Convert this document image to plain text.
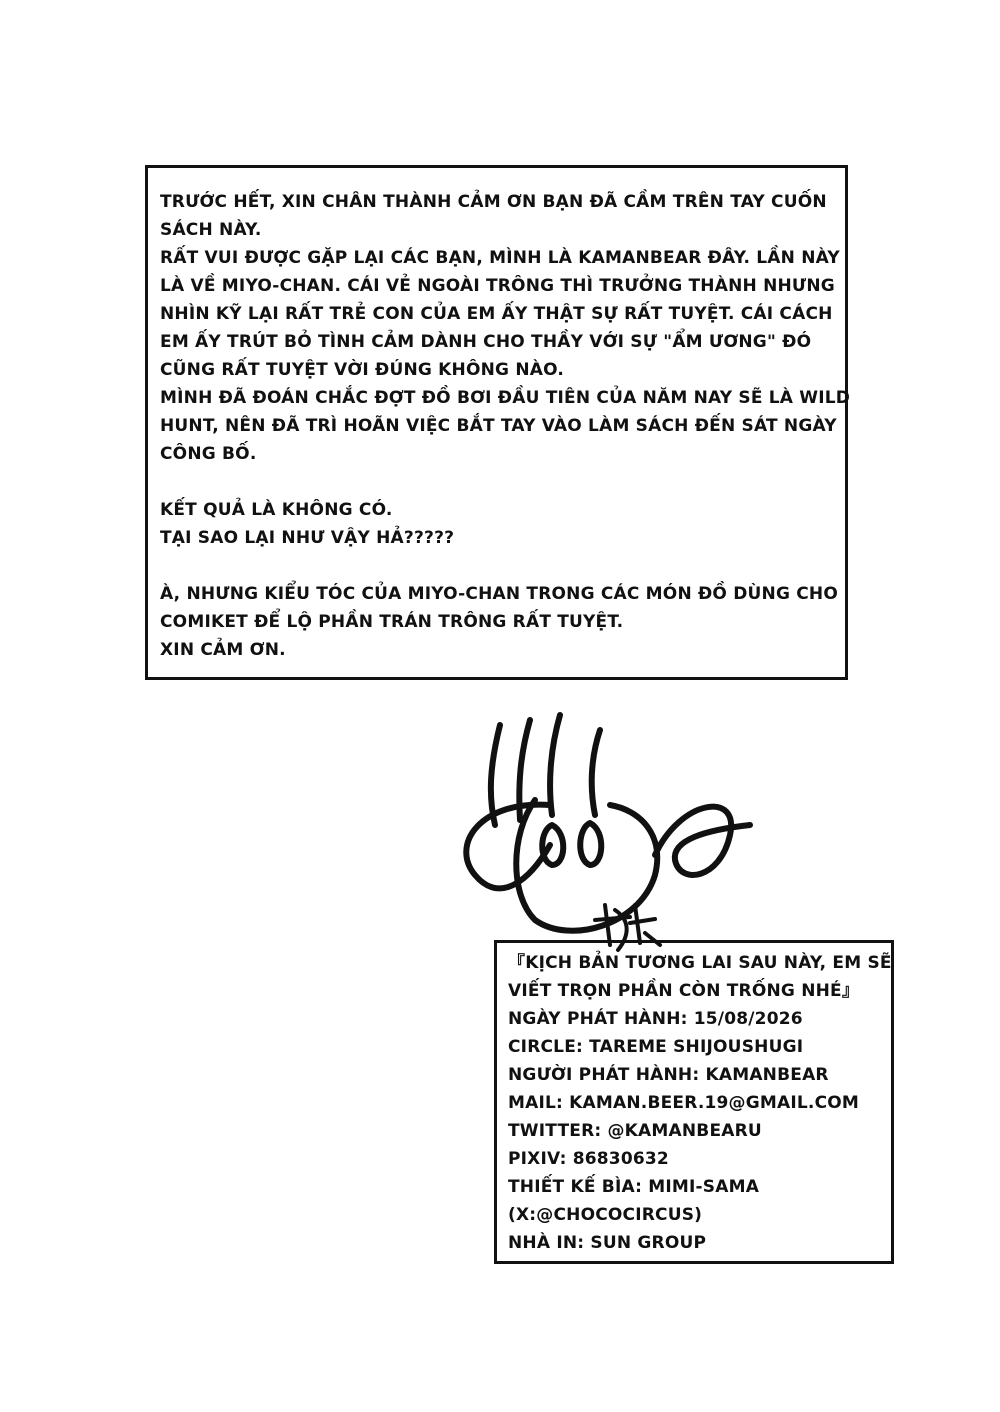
TRƯỚC HẾT, XIN CHÂN THÀNH CẢM ƠN BẠN ĐÃ CẦM TRÊN TAY CUỐN
SÁCH NÀY.
RẤT VUI ĐƯỢC GẶP LẠI CÁC BẠN, MÌNH LÀ KAMANBEAR ĐÂY. LẦN NÀY
LÀ VỀ MIYO-CHAN. CÁI VẺ NGOÀI TRÔNG THÌ TRƯỞNG THÀNH NHƯNG
NHÌN KỸ LẠI RẤT TRẺ CON CỦA EM ẤY THẬT SỰ RẤT TUYỆT. CÁI CÁCH
EM ẤY TRÚT BỎ TÌNH CẢM DÀNH CHO THẦY VỚI SỰ "ẨM ƯƠNG" ĐÓ
CŨNG RẤT TUYỆT VỜI ĐÚNG KHÔNG NÀO.
MÌNH ĐÃ ĐOÁN CHẮC ĐỢT ĐỒ BƠI ĐẦU TIÊN CỦA NĂM NAY SẼ LÀ WILD
HUNT, NÊN ĐÃ TRÌ HOÃN VIỆC BẮT TAY VÀO LÀM SÁCH ĐẾN SÁT NGÀY
CÔNG BỐ.
KẾT QUẢ LÀ KHÔNG CÓ.
TẠI SAO LẠI NHƯ VẬY HẢ?????
À, NHƯNG KIỂU TÓC CỦA MIYO-CHAN TRONG CÁC MÓN ĐỒ DÙNG CHO
COMIKET ĐỂ LỘ PHẦN TRÁN TRÔNG RẤT TUYỆT.
XIN CẢM ƠN.
『KỊCH BẢN TƯƠNG LAI SAU NÀY, EM SẼ
VIẾT TRỌN PHẦN CÒN TRỐNG NHÉ』
NGÀY PHÁT HÀNH: 15/08/2026
CIRCLE: TAREME SHIJOUSHUGI
NGƯỜI PHÁT HÀNH: KAMANBEAR
MAIL: KAMAN.BEER.19@GMAIL.COM
TWITTER: @KAMANBEARU
PIXIV: 86830632
THIẾT KẾ BÌA: MIMI-SAMA
(X:@CHOCOCIRCUS)
NHÀ IN: SUN GROUP
